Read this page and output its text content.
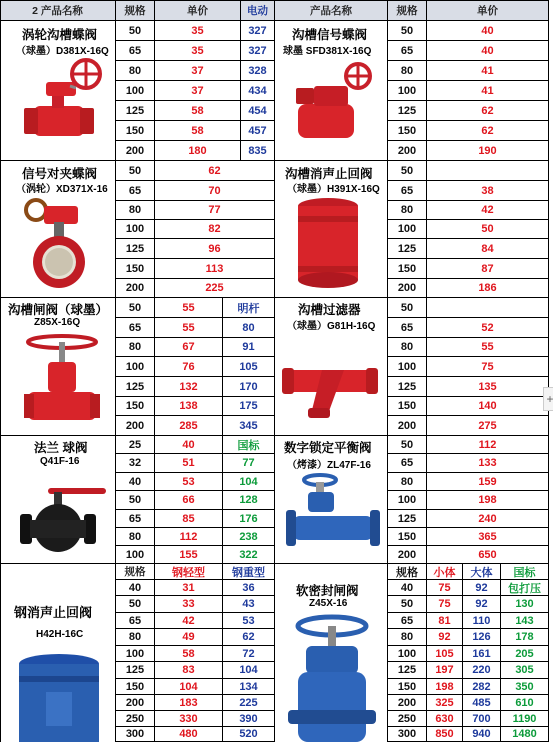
2 产品名称	规格	单价	电动	产品名称	规格	单价
涡轮沟槽蝶阀
（球墨）D381X-16Q
50	35	327
65	35	327
80	37	328
100	37	434
125	58	454
150	58	457
200	180	835
沟槽信号蝶阀
球墨 SFD381X-16Q
50	40
65	40
80	41
100	41
125	62
150	62
200	190
信号对夹蝶阀
（涡轮）XD371X-16
50	62
65	70
80	77
100	82
125	96
150	113
200	225
沟槽消声止回阀
（球墨）H391X-16Q
50
65	38
80	42
100	50
125	84
150	87
200	186
沟槽闸阀（球墨）
Z85X-16Q
50	55	明杆
65	55	80
80	67	91
100	76	105
125	132	170
150	138	175
200	285	345
沟槽过滤器
（球墨）G81H-16Q
50
65	52
80	55
100	75
125	135
150	140
200	275
法兰 球阀
Q41F-16
25	40	国标
32	51	77
40	53	104
50	66	128
65	85	176
80	112	238
100	155	322
数字锁定平衡阀
（烤漆）ZL47F-16
50	112
65	133
80	159
100	198
125	240
150	365
200	650
钢消声止回阀
H42H-16C
规格	钢轻型	钢重型
40	31	36
50	33	43
65	42	53
80	49	62
100	58	72
125	83	104
150	104	134
200	183	225
250	330	390
300	480	520
软密封闸阀
Z45X-16
规格	小体	大体	国标
40	75	92	包打压
50	75	92	130
65	81	110	143
80	92	126	178
100	105	161	205
125	197	220	305
150	198	282	350
200	325	485	610
250	630	700	1190
300	850	940	1480
+
